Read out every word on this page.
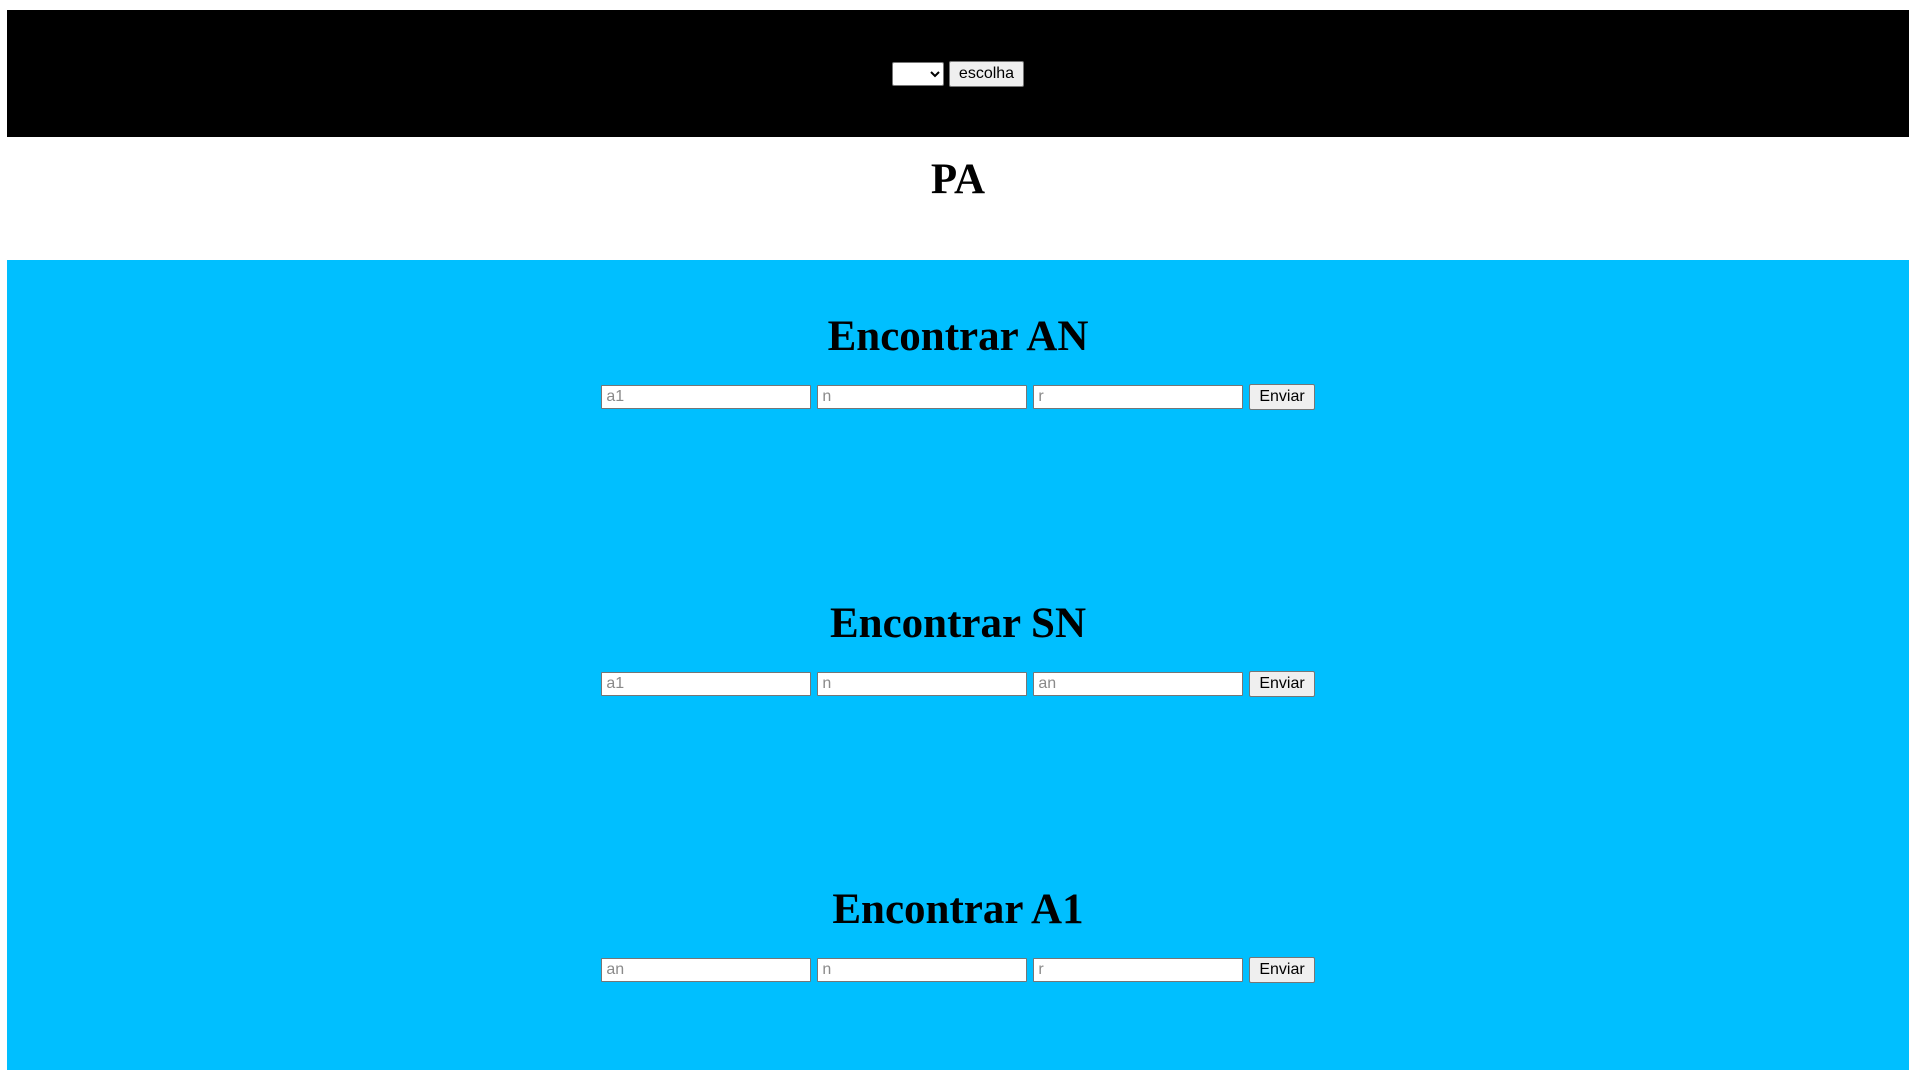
escolha
PA
Encontrar AN
a1
n
r
Enviar
Encontrar SN
a1
n
an
Enviar
Encontrar A1
an
n
r
Enviar
